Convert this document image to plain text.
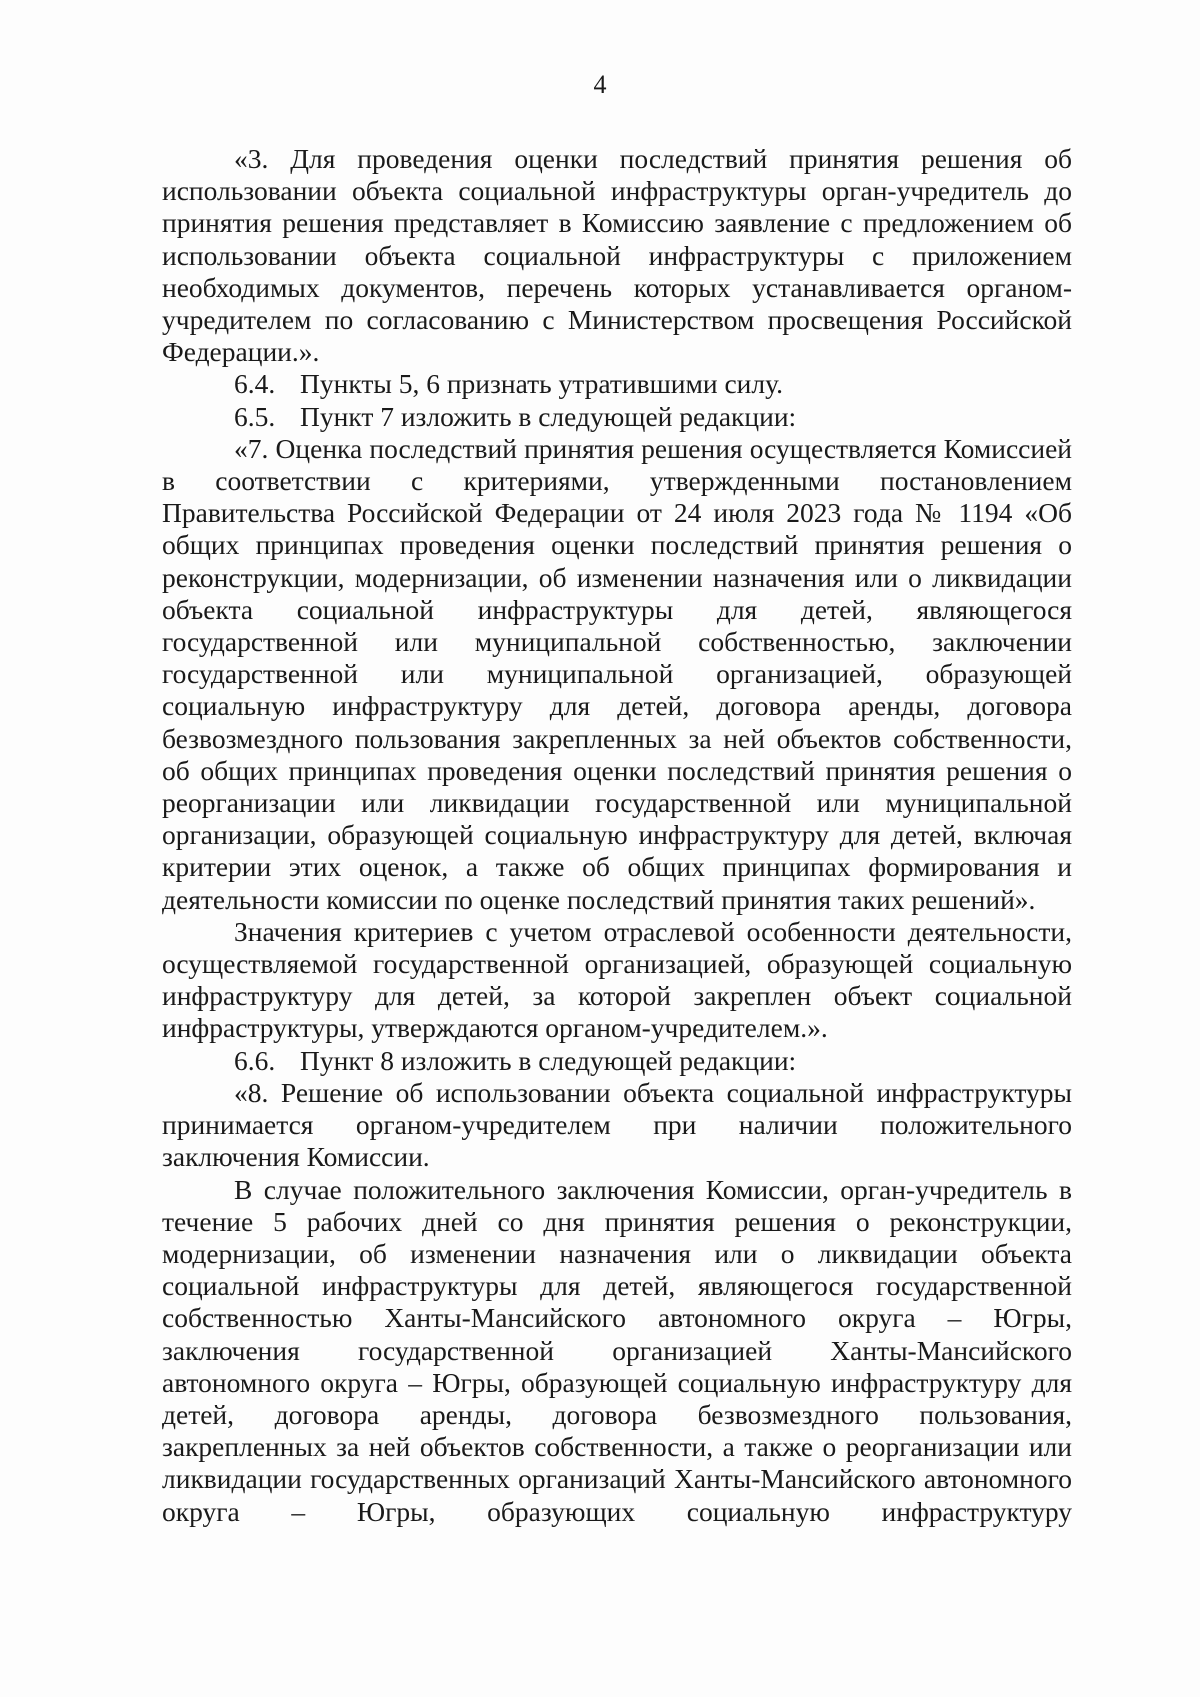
4

«3. Для проведения оценки последствий принятия решения об использовании объекта социальной инфраструктуры орган-учредитель до принятия решения представляет в Комиссию заявление с предложением об использовании объекта социальной инфраструктуры с приложением необходимых документов, перечень которых устанавливается органом-учредителем по согласованию с Министерством просвещения Российской Федерации.».

6.4. Пункты 5, 6 признать утратившими силу.

6.5. Пункт 7 изложить в следующей редакции:

«7. Оценка последствий принятия решения осуществляется Комиссией в соответствии с критериями, утвержденными постановлением Правительства Российской Федерации от 24 июля 2023 года № 1194 «Об общих принципах проведения оценки последствий принятия решения о реконструкции, модернизации, об изменении назначения или о ликвидации объекта социальной инфраструктуры для детей, являющегося государственной или муниципальной собственностью, заключении государственной или муниципальной организацией, образующей социальную инфраструктуру для детей, договора аренды, договора безвозмездного пользования закрепленных за ней объектов собственности, об общих принципах проведения оценки последствий принятия решения о реорганизации или ликвидации государственной или муниципальной организации, образующей социальную инфраструктуру для детей, включая критерии этих оценок, а также об общих принципах формирования и деятельности комиссии по оценке последствий принятия таких решений».

Значения критериев с учетом отраслевой особенности деятельности, осуществляемой государственной организацией, образующей социальную инфраструктуру для детей, за которой закреплен объект социальной инфраструктуры, утверждаются органом-учредителем.».

6.6. Пункт 8 изложить в следующей редакции:

«8. Решение об использовании объекта социальной инфраструктуры принимается органом-учредителем при наличии положительного заключения Комиссии.

В случае положительного заключения Комиссии, орган-учредитель в течение 5 рабочих дней со дня принятия решения о реконструкции, модернизации, об изменении назначения или о ликвидации объекта социальной инфраструктуры для детей, являющегося государственной собственностью Ханты-Мансийского автономного округа – Югры, заключения государственной организацией Ханты-Мансийского автономного округа – Югры, образующей социальную инфраструктуру для детей, договора аренды, договора безвозмездного пользования, закрепленных за ней объектов собственности, а также о реорганизации или ликвидации государственных организаций Ханты-Мансийского автономного округа – Югры, образующих социальную инфраструктуру
